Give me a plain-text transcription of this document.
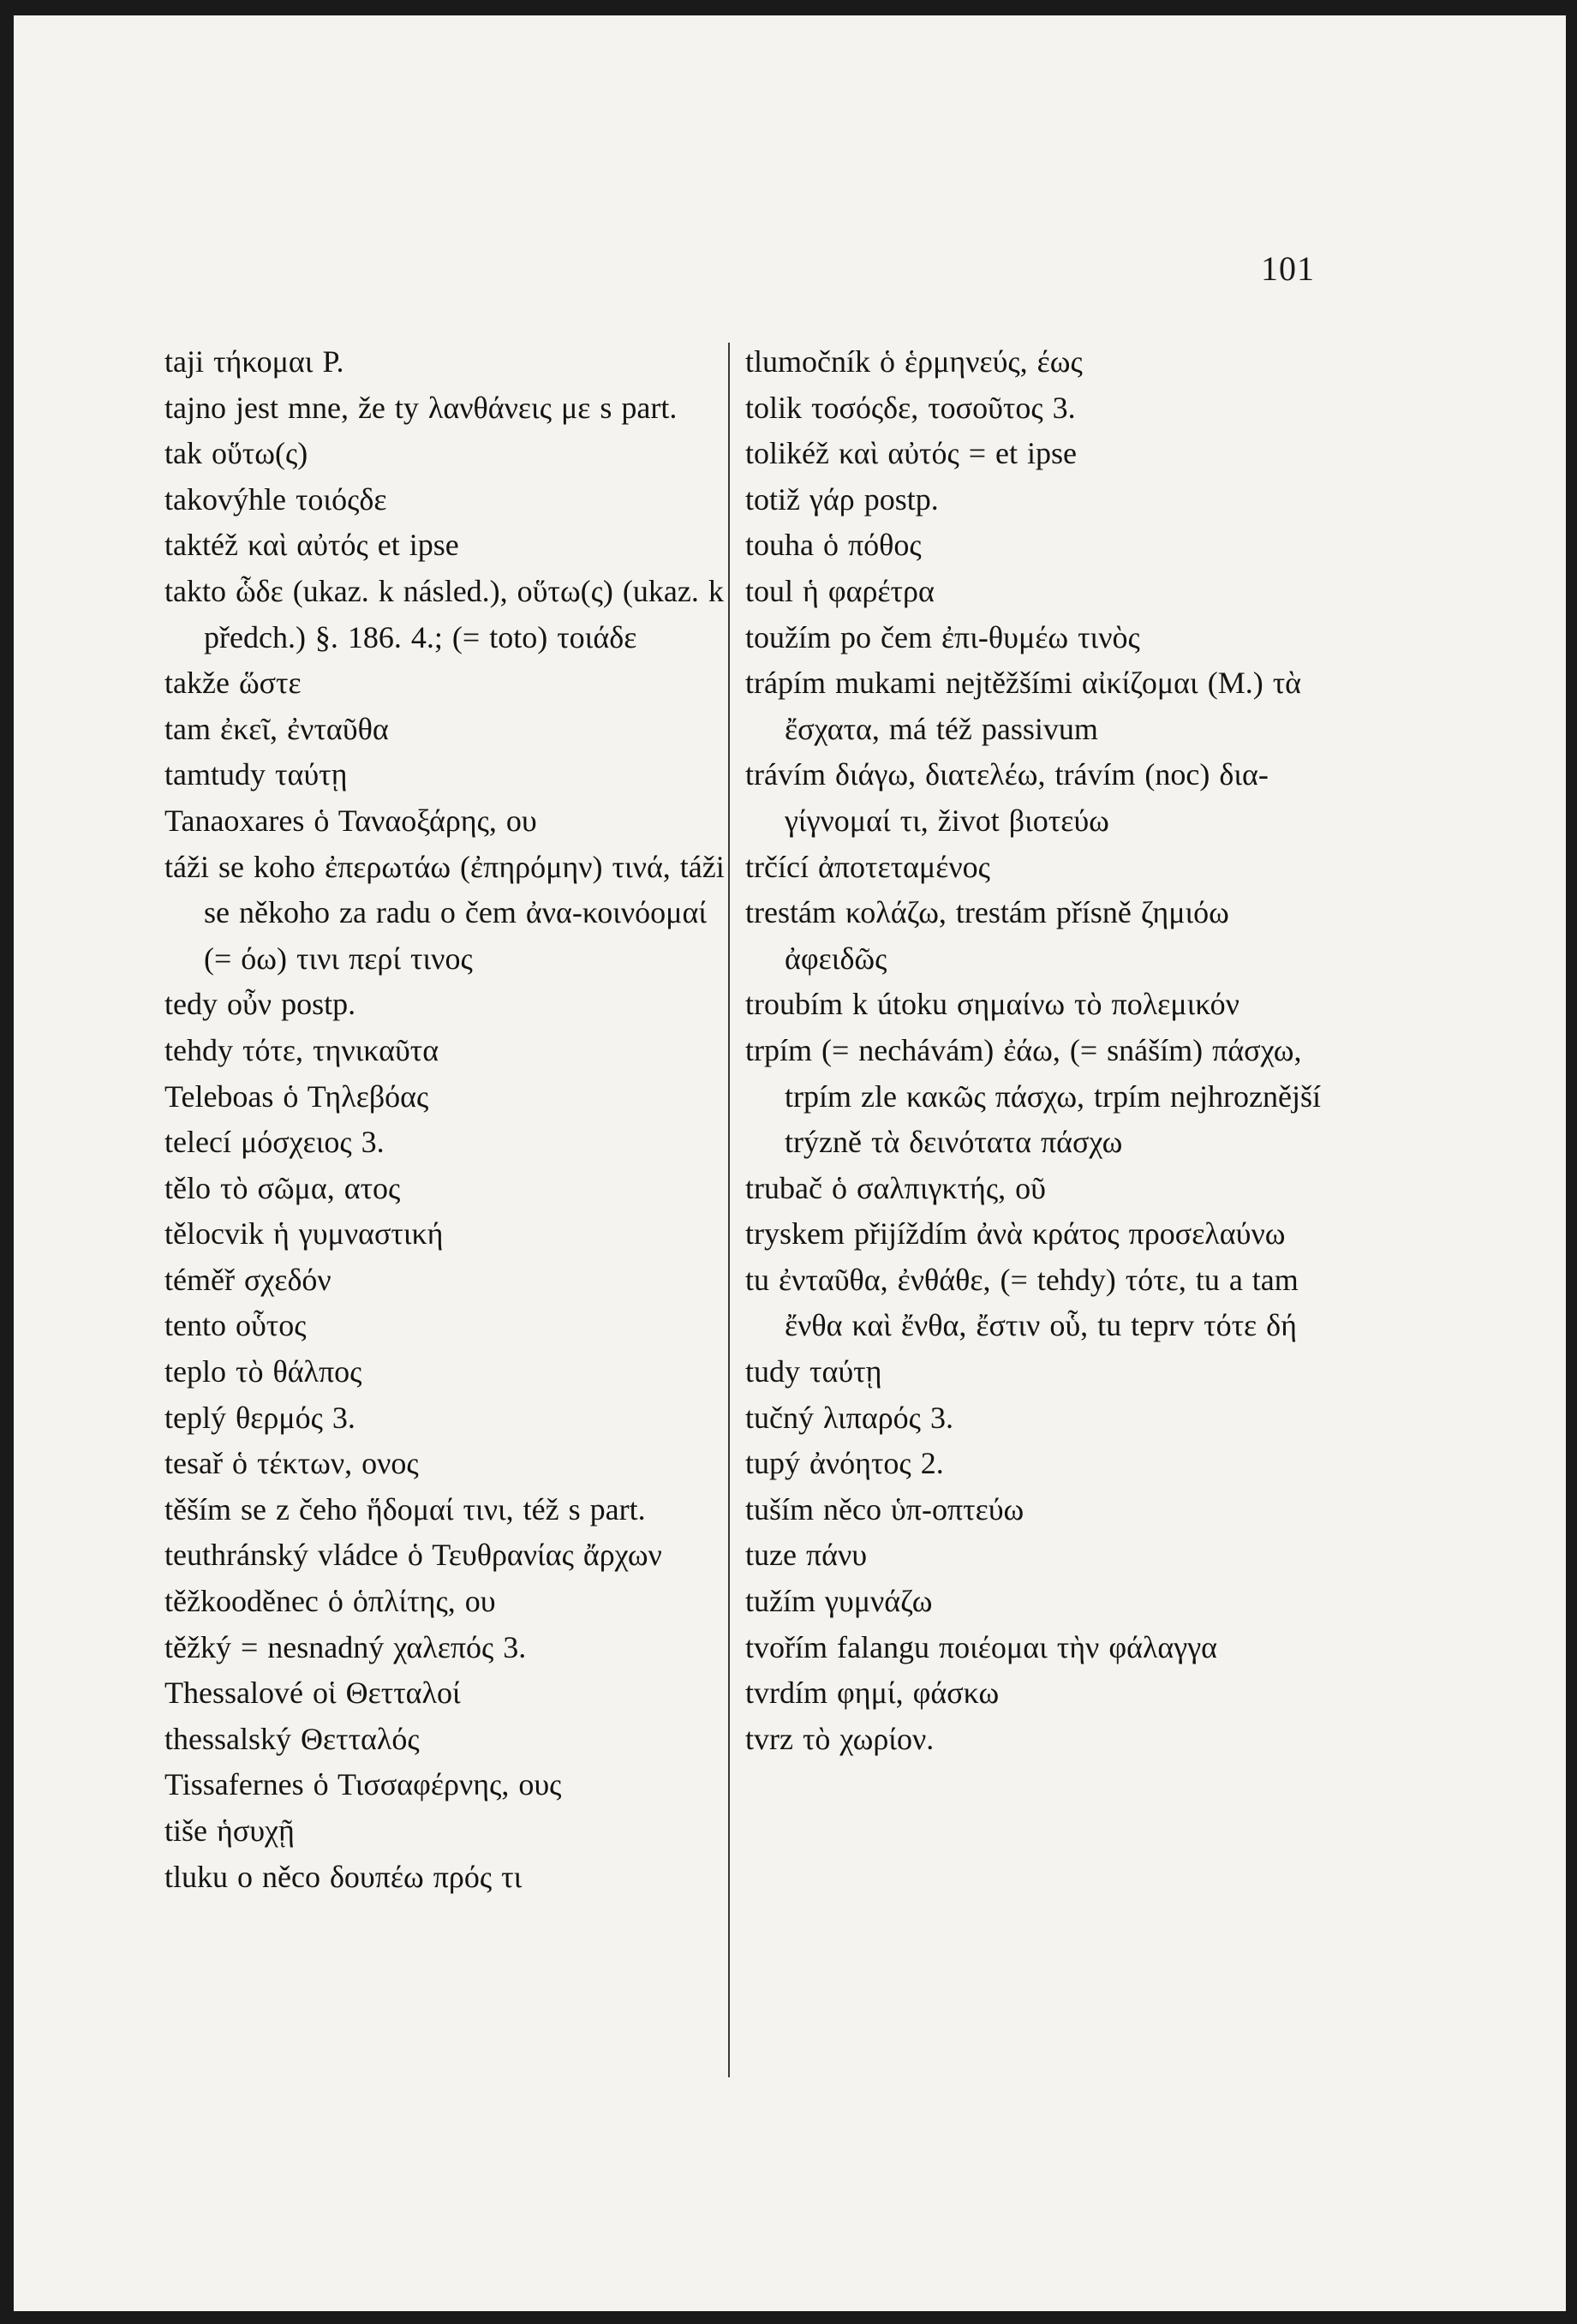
101
taji τήκομαι P.
tajno jest mne, že ty λανθάνεις με s part.
tak οὕτω(ς)
takovýhle τοιόςδε
taktéž καὶ αὐτός et ipse
takto ὧδε (ukaz. k násled.), οὕτω(ς) (ukaz. k předch.) §. 186. 4.; (= toto) τοιάδε
takže ὥστε
tam ἐκεῖ, ἐνταῦθα
tamtudy ταύτῃ
Tanaoxares ὁ Ταναοξάρης, ου
táži se koho ἐπερωτάω (ἐπηρόμην) τινά, táži se někoho za radu o čem ἀνα-κοινόομαί (= όω) τινι περί τινος
tedy οὖν postp.
tehdy τότε, τηνικαῦτα
Teleboas ὁ Τηλεβόας
telecí μόσχειος 3.
tělo τὸ σῶμα, ατος
tělocvik ἡ γυμναστική
téměř σχεδόν
tento οὗτος
teplo τὸ θάλπος
teplý θερμός 3.
tesař ὁ τέκτων, ονος
těším se z čeho ἥδομαί τινι, též s part.
teuthránský vládce ὁ Τευθρανίας ἄρχων
těžkooděnec ὁ ὁπλίτης, ου
těžký = nesnadný χαλεπός 3.
Thessalové οἱ Θετταλοί
thessalský Θετταλός
Tissafernes ὁ Τισσαφέρνης, ους
tiše ἡσυχῇ
tluku o něco δουπέω πρός τι
tlumočník ὁ ἑρμηνεύς, έως
tolik τοσόςδε, τοσοῦτος 3.
tolikéž καὶ αὐτός = et ipse
totiž γάρ postp.
touha ὁ πόθος
toul ἡ φαρέτρα
toužím po čem ἐπι-θυμέω τινὸς
trápím mukami nejtěžšími αἰκίζομαι (M.) τὰ ἔσχατα, má též passivum
trávím διάγω, διατελέω, trávím (noc) δια-γίγνομαί τι, život βιοτεύω
trčící ἀποτεταμένος
trestám κολάζω, trestám přísně ζημιόω ἀφειδῶς
troubím k útoku σημαίνω τὸ πολεμικόν
trpím (= nechávám) ἐάω, (= snáším) πάσχω, trpím zle κακῶς πάσχω, trpím nejhroznější trýzně τὰ δεινότατα πάσχω
trubač ὁ σαλπιγκτής, οῦ
tryskem přijíždím ἀνὰ κράτος προσελαύνω
tu ἐνταῦθα, ἐνθάθε, (= tehdy) τότε, tu a tam ἔνθα καὶ ἔνθα, ἔστιν οὗ, tu teprv τότε δή
tudy ταύτῃ
tučný λιπαρός 3.
tupý ἀνόητος 2.
tuším něco ὑπ-οπτεύω
tuze πάνυ
tužím γυμνάζω
tvořím falangu ποιέομαι τὴν φάλαγγα
tvrdím φημί, φάσκω
tvrz τὸ χωρίον.
